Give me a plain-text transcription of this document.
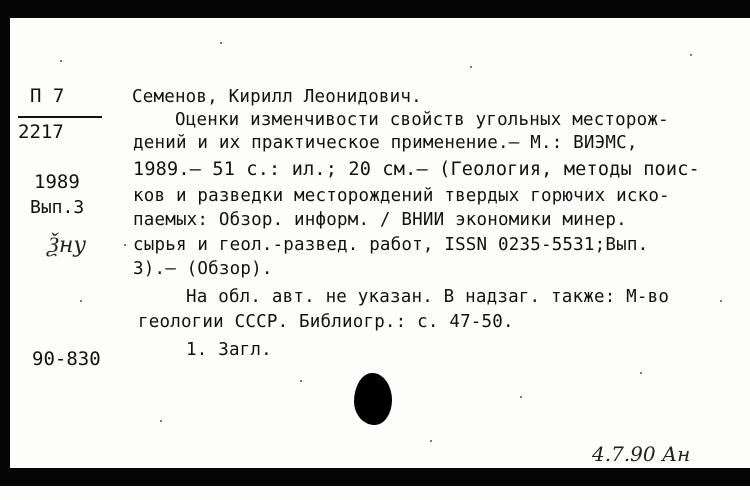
П 7
2217
1989
Вып.3
Ѯнy
90-830
Семенов, Кирилл Леонидович.
Оценки изменчивости свойств угольных месторож-
дений и их практическое применение.— М.: ВИЭМС,
1989.— 51 с.: ил.; 20 см.— (Геология, методы поис-
ков и разведки месторождений твердых горючих иско-
паемых: Обзор. информ. / ВНИИ экономики минер.
сырья и геол.-развед. работ, ISSN 0235-5531;Вып.
3).— (Обзор).
На обл. авт. не указан. В надзаг. также: М-во
геологии СССР. Библиогр.: с. 47-50.
1. Загл.
4.7.90 Ан
